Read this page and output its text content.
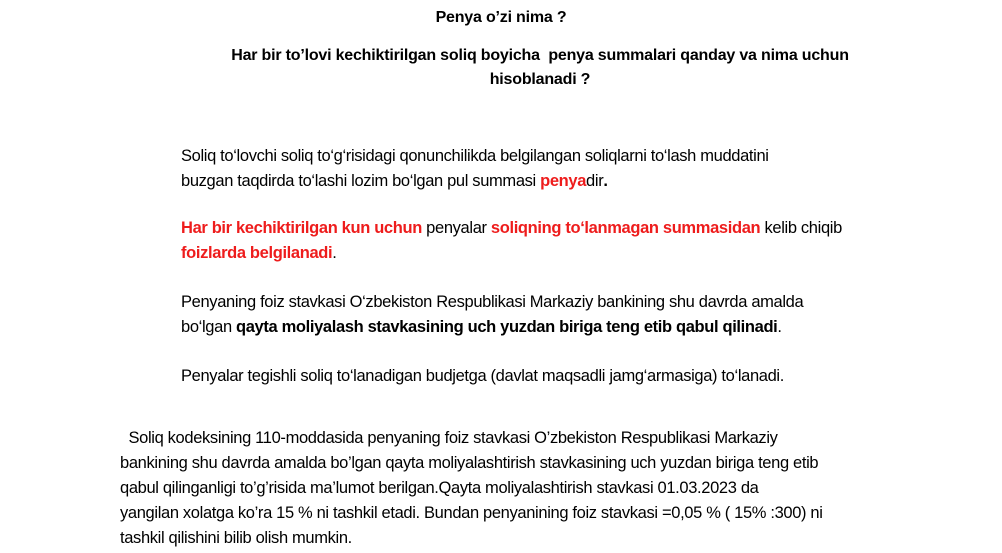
Penya o’zi nima ?
Har bir to’lovi kechiktirilgan soliq boyicha  penya summalari qanday va nima uchun
hisoblanadi ?
Soliq to‘lovchi soliq to‘g‘risidagi qonunchilikda belgilangan soliqlarni to‘lash muddatini
buzgan taqdirda to‘lashi lozim bo‘lgan pul summasi penyadir.
Har bir kechiktirilgan kun uchun penyalar soliqning to‘lanmagan summasidan kelib chiqib
foizlarda belgilanadi.
Penyaning foiz stavkasi O‘zbekiston Respublikasi Markaziy bankining shu davrda amalda
bo‘lgan qayta moliyalash stavkasining uch yuzdan biriga teng etib qabul qilinadi.
Penyalar tegishli soliq to‘lanadigan budjetga (davlat maqsadli jamg‘armasiga) to‘lanadi.
Soliq kodeksining 110-moddasida penyaning foiz stavkasi O’zbekiston Respublikasi Markaziy
bankining shu davrda amalda bo’lgan qayta moliyalashtirish stavkasining uch yuzdan biriga teng etib
qabul qilinganligi to’g’risida ma’lumot berilgan.Qayta moliyalashtirish stavkasi 01.03.2023 da
yangilan xolatga ko’ra 15 % ni tashkil etadi. Bundan penyanining foiz stavkasi =0,05 % ( 15% :300) ni
tashkil qilishini bilib olish mumkin.
